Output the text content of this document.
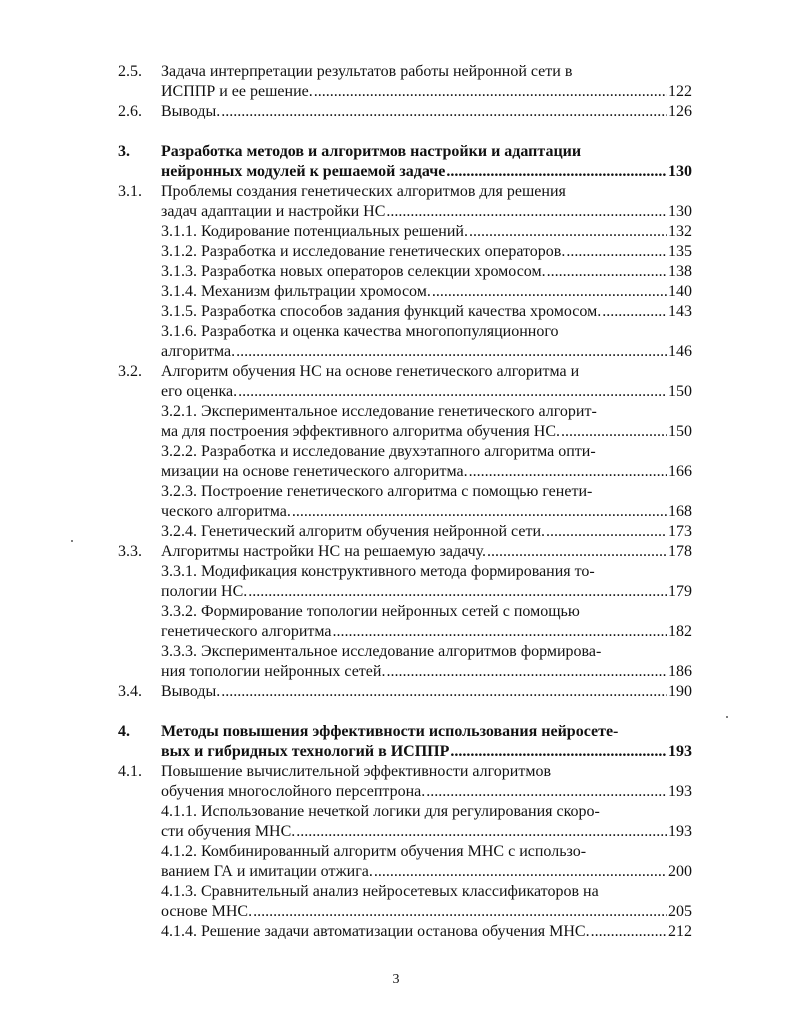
2.5. Задача интерпретации результатов работы нейронной сети в
ИСППР и ее решение. .....	122
2.6. Выводы. .....	126
3. Разработка методов и алгоритмов настройки и адаптации
нейронных модулей к решаемой задаче .....	130
3.1. Проблемы создания генетических алгоритмов для решения
задач адаптации и настройки НС .....	130
3.1.1. Кодирование потенциальных решений. .....	132
3.1.2. Разработка и исследование генетических операторов. .....	135
3.1.3. Разработка новых операторов селекции хромосом. .....	138
3.1.4. Механизм фильтрации хромосом. .....	140
3.1.5. Разработка способов задания функций качества хромосом. .....	143
3.1.6. Разработка и оценка качества многопопуляционного
алгоритма. .....	146
3.2. Алгоритм обучения НС на основе генетического алгоритма и
его оценка. .....	150
3.2.1. Экспериментальное исследование генетического алгорит-
ма для построения эффективного алгоритма обучения НС. .....	150
3.2.2. Разработка и исследование двухэтапного алгоритма опти-
мизации на основе генетического алгоритма. .....	166
3.2.3. Построение генетического алгоритма с помощью генети-
ческого алгоритма. .....	168
3.2.4. Генетический алгоритм обучения нейронной сети. .....	173
3.3. Алгоритмы настройки НС на решаемую задачу. .....	178
3.3.1. Модификация конструктивного метода формирования то-
пологии НС. .....	179
3.3.2. Формирование топологии нейронных сетей с помощью
генетического алгоритма .....	182
3.3.3. Экспериментальное исследование алгоритмов формирова-
ния топологии нейронных сетей. .....	186
3.4. Выводы. .....	190
4. Методы повышения эффективности использования нейросете-
вых и гибридных технологий в ИСППР .....	193
4.1. Повышение вычислительной эффективности алгоритмов
обучения многослойного персептрона. .....	193
4.1.1. Использование нечеткой логики для регулирования скоро-
сти обучения МНС. .....	193
4.1.2. Комбинированный алгоритм обучения МНС с использо-
ванием ГА и имитации отжига. .....	200
4.1.3. Сравнительный анализ нейросетевых классификаторов на
основе МНС. .....	205
4.1.4. Решение задачи автоматизации останова обучения МНС. .....	212
3
